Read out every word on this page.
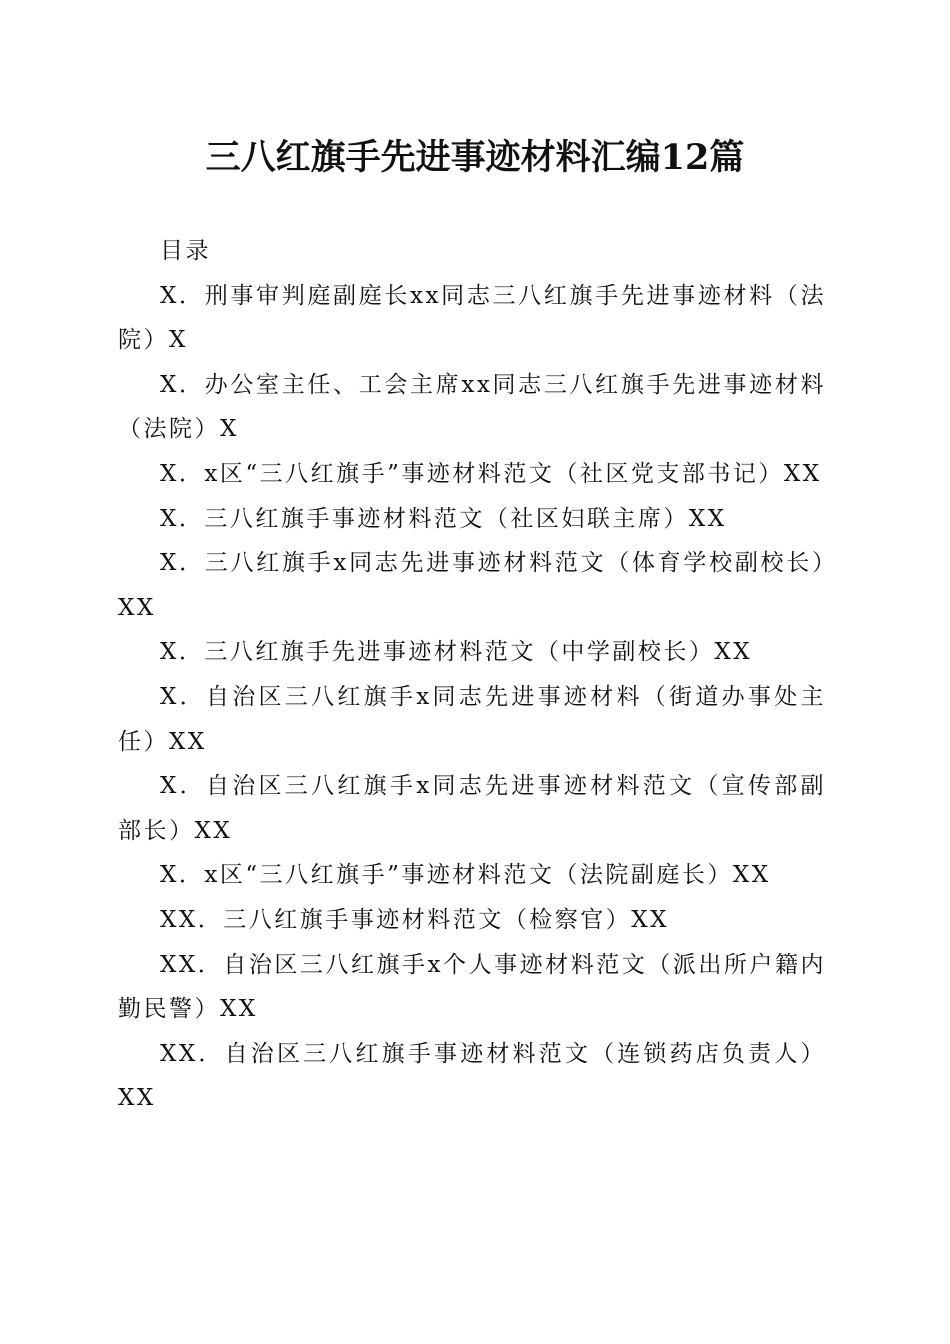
三八红旗手先进事迹材料汇编12篇

目录

X．刑事审判庭副庭长xx同志三八红旗手先进事迹材料（法院）X

X．办公室主任、工会主席xx同志三八红旗手先进事迹材料（法院）X

X．x区“三八红旗手”事迹材料范文（社区党支部书记）XX

X．三八红旗手事迹材料范文（社区妇联主席）XX

X．三八红旗手x同志先进事迹材料范文（体育学校副校长）XX

X．三八红旗手先进事迹材料范文（中学副校长）XX

X．自治区三八红旗手x同志先进事迹材料（街道办事处主任）XX

X．自治区三八红旗手x同志先进事迹材料范文（宣传部副部长）XX

X．x区“三八红旗手”事迹材料范文（法院副庭长）XX

XX．三八红旗手事迹材料范文（检察官）XX

XX．自治区三八红旗手x个人事迹材料范文（派出所户籍内勤民警）XX

XX．自治区三八红旗手事迹材料范文（连锁药店负责人）XX
